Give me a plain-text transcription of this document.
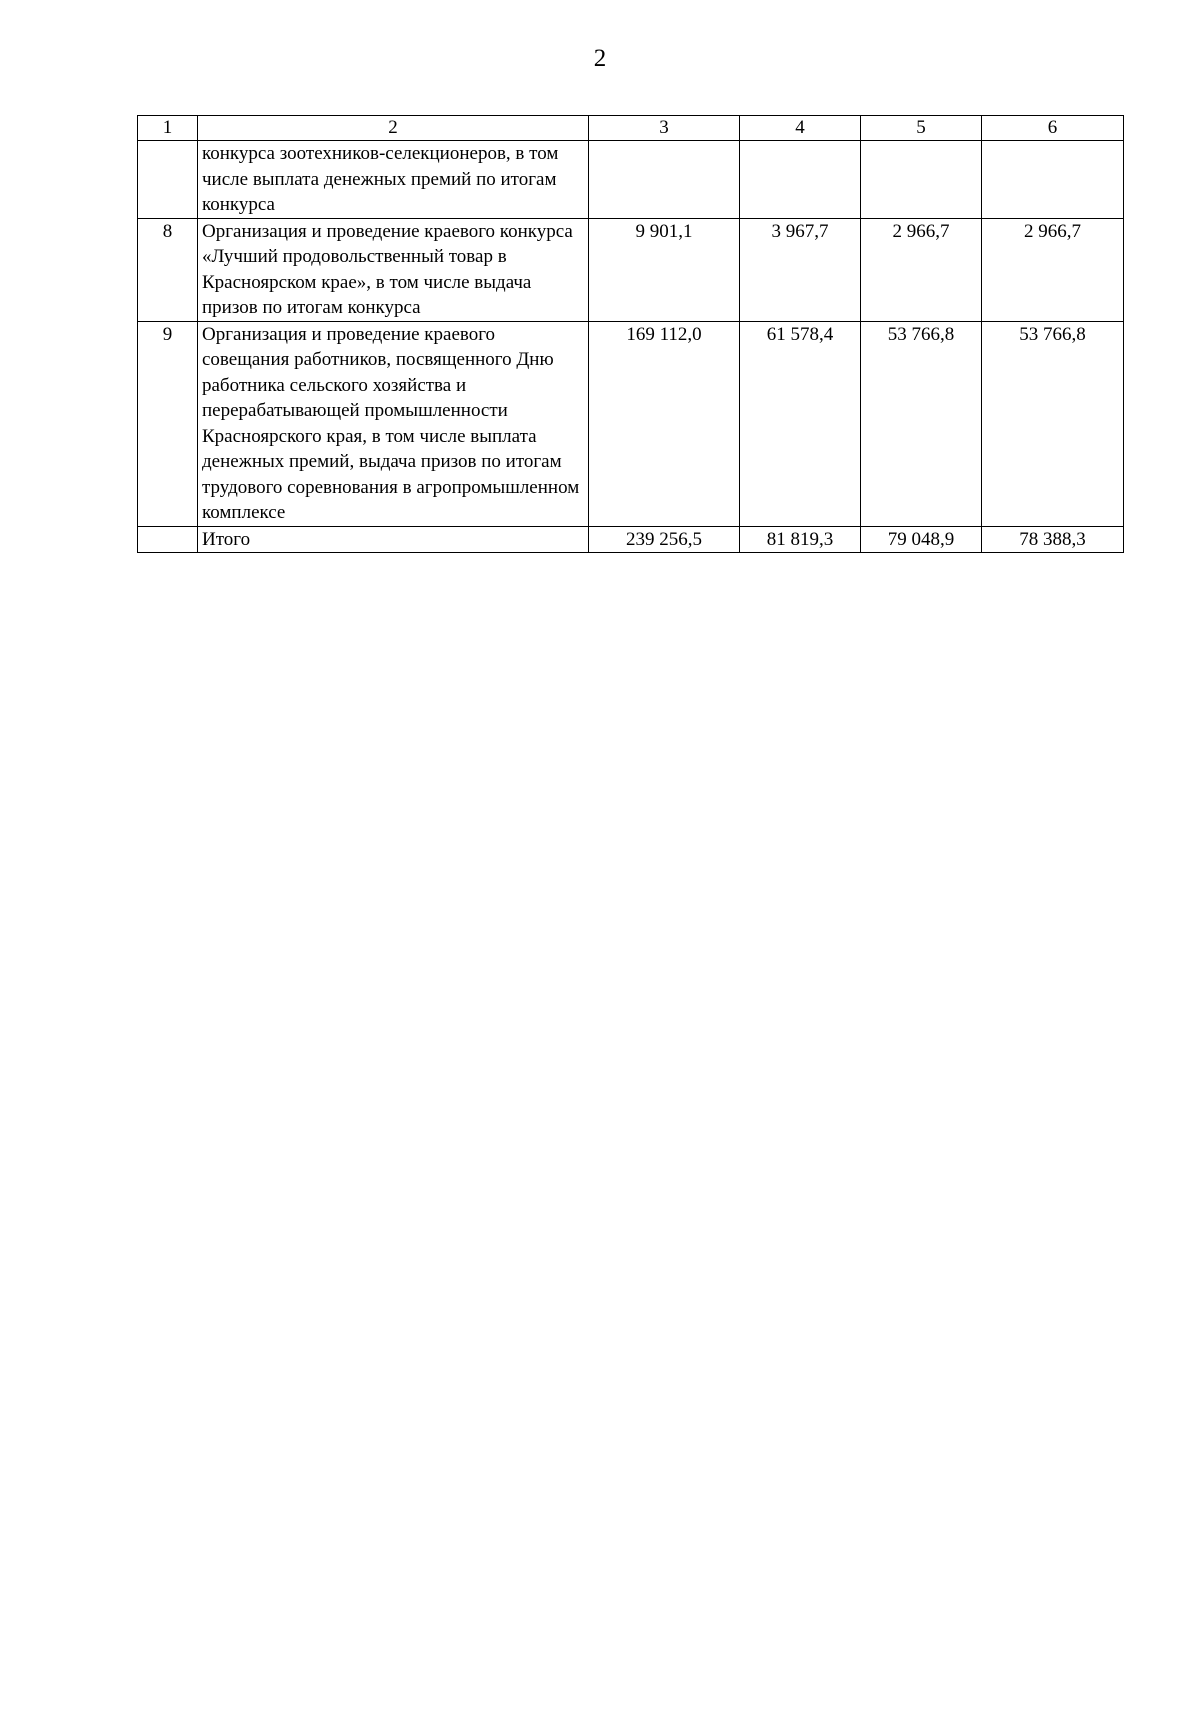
2
1	2	3	4	5	6
	конкурса зоотехников-селекционеров, в том числе выплата денежных премий по итогам конкурса				
8	Организация и проведение краевого конкурса «Лучший продовольственный товар в Красноярском крае», в том числе выдача призов по итогам конкурса	9 901,1	3 967,7	2 966,7	2 966,7
9	Организация и проведение краевого совещания работников, посвященного Дню работника сельского хозяйства и перерабатывающей промышленности Красноярского края, в том числе выплата денежных премий, выдача призов по итогам трудового соревнования в агропромышленном комплексе	169 112,0	61 578,4	53 766,8	53 766,8
	Итого	239 256,5	81 819,3	79 048,9	78 388,3
